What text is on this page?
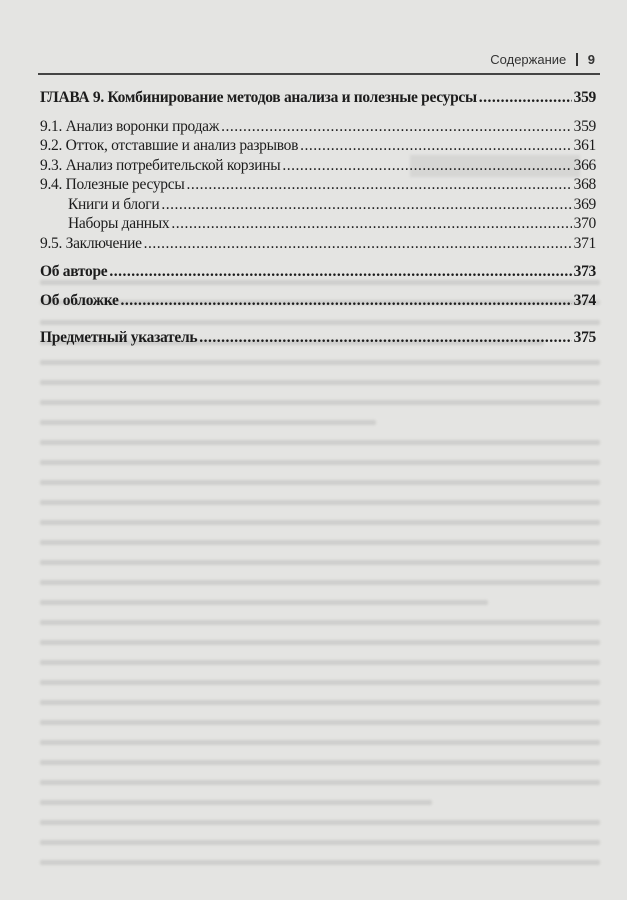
Содержание 9
ГЛАВА 9. Комбинирование методов анализа и полезные ресурсы .....	359
9.1. Анализ воронки продаж .....	359
9.2. Отток, отставшие и анализ разрывов .....	361
9.3. Анализ потребительской корзины .....	366
9.4. Полезные ресурсы .....	368
Книги и блоги .....	369
Наборы данных .....	370
9.5. Заключение .....	371
Об авторе .....	373
Об обложке .....	374
Предметный указатель .....	375
